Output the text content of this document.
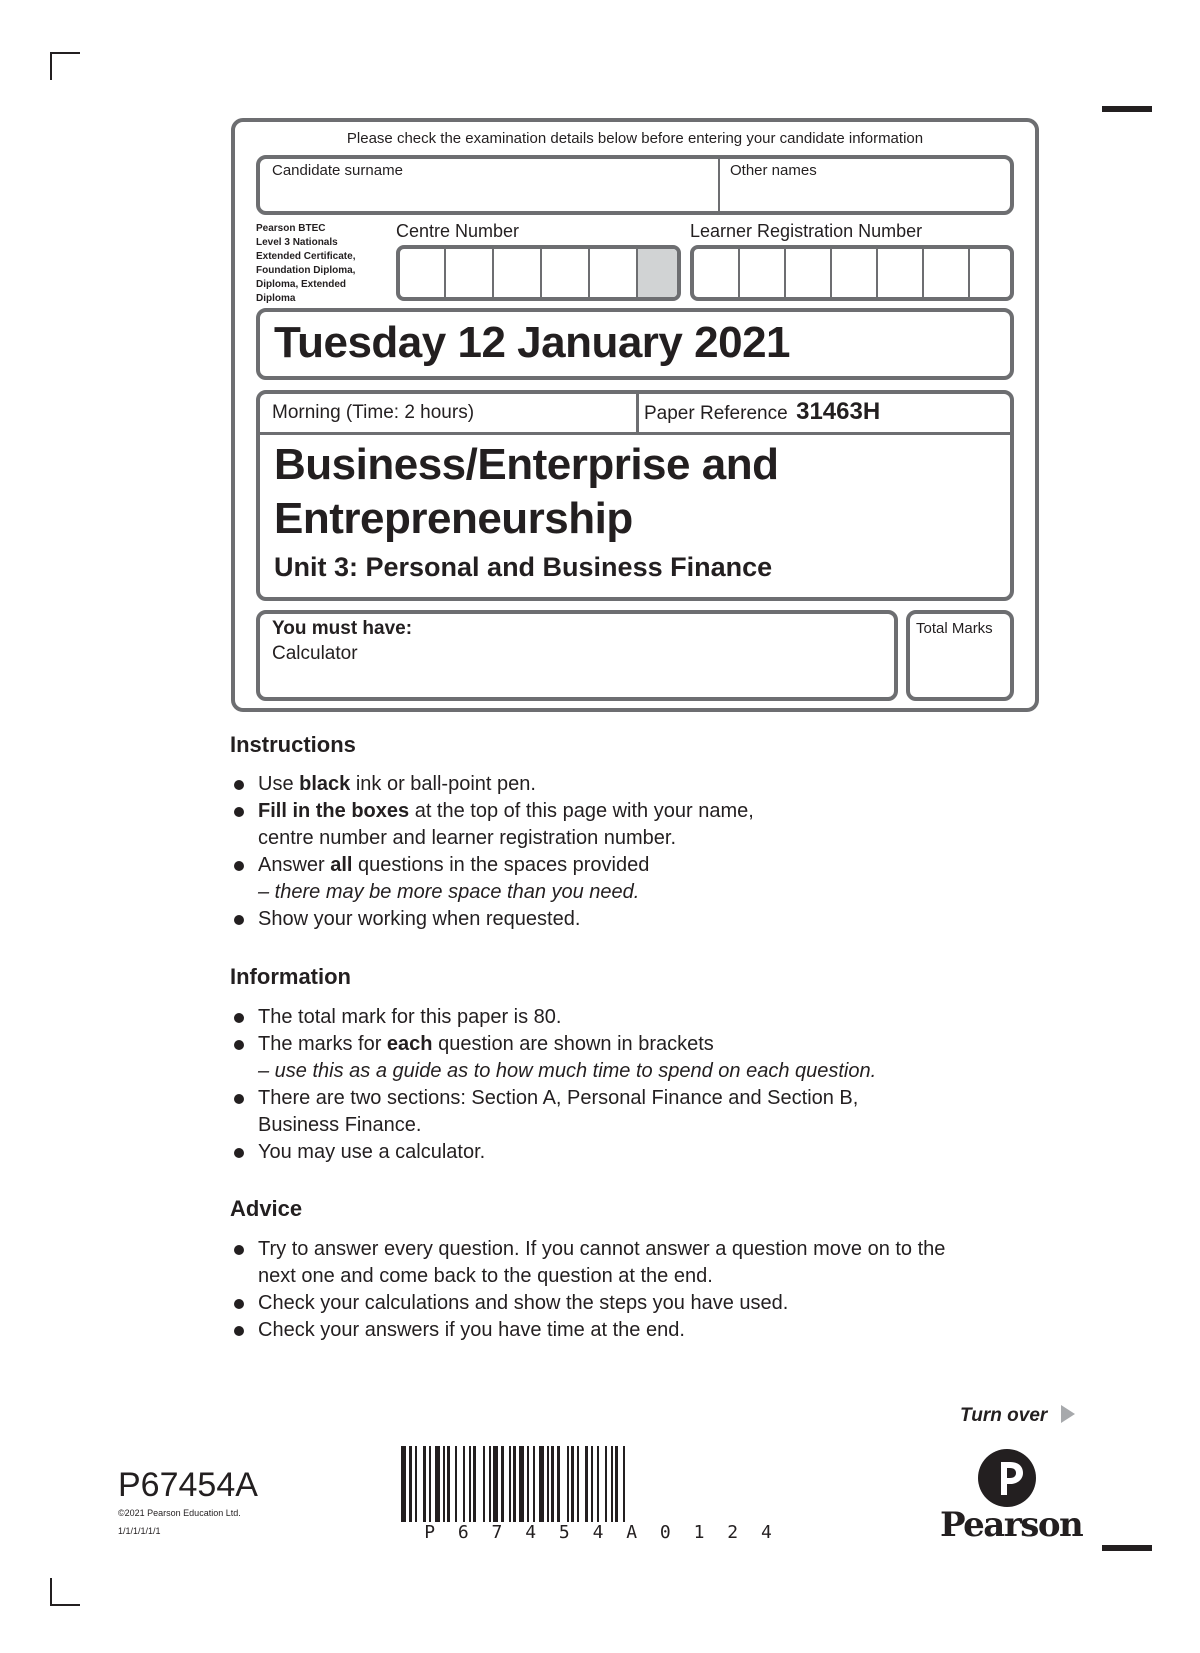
Please check the examination details below before entering your candidate information
Candidate surname	Other names
Pearson BTEC
Level 3 Nationals
Extended Certificate,
Foundation Diploma,
Diploma, Extended
Diploma
Centre Number	Learner Registration Number
Tuesday 12 January 2021
Morning (Time: 2 hours)	Paper Reference 31463H
Business/Enterprise and
Entrepreneurship
Unit 3: Personal and Business Finance
You must have:
Calculator
Total Marks
Instructions
Use black ink or ball-point pen.
Fill in the boxes at the top of this page with your name,
centre number and learner registration number.
Answer all questions in the spaces provided
– there may be more space than you need.
Show your working when requested.
Information
The total mark for this paper is 80.
The marks for each question are shown in brackets
– use this as a guide as to how much time to spend on each question.
There are two sections: Section A, Personal Finance and Section B,
Business Finance.
You may use a calculator.
Advice
Try to answer every question. If you cannot answer a question move on to the
next one and come back to the question at the end.
Check your calculations and show the steps you have used.
Check your answers if you have time at the end.
Turn over
P67454A
©2021 Pearson Education Ltd.
1/1/1/1/1/1	P 6 7 4 5 4 A 0 1 2 4	Pearson
